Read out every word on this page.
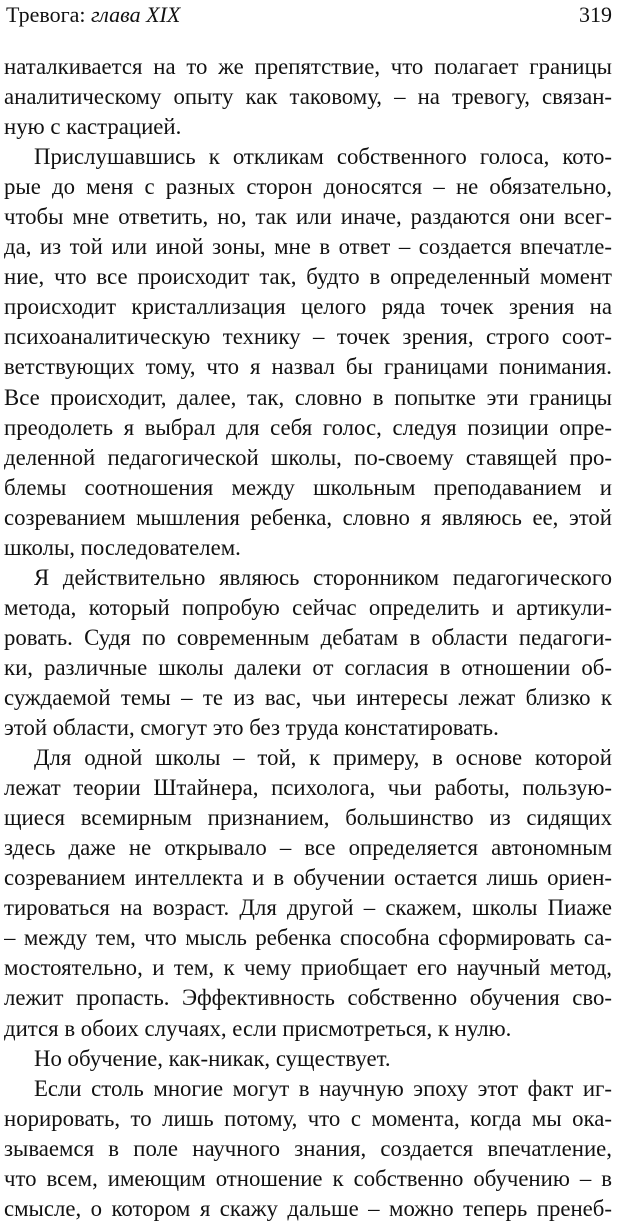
Тревога: глава XIX	319
наталкивается на то же препятствие, что полагает границы
аналитическому опыту как таковому, – на тревогу, связан-
ную с кастрацией.
Прислушавшись к откликам собственного голоса, кото-
рые до меня с разных сторон доносятся – не обязательно,
чтобы мне ответить, но, так или иначе, раздаются они всег-
да, из той или иной зоны, мне в ответ – создается впечатле-
ние, что все происходит так, будто в определенный момент
происходит кристаллизация целого ряда точек зрения на
психоаналитическую технику – точек зрения, строго соот-
ветствующих тому, что я назвал бы границами понимания.
Все происходит, далее, так, словно в попытке эти границы
преодолеть я выбрал для себя голос, следуя позиции опре-
деленной педагогической школы, по-своему ставящей про-
блемы соотношения между школьным преподаванием и
созреванием мышления ребенка, словно я являюсь ее, этой
школы, последователем.
Я действительно являюсь сторонником педагогического
метода, который попробую сейчас определить и артикули-
ровать. Судя по современным дебатам в области педагоги-
ки, различные школы далеки от согласия в отношении об-
суждаемой темы – те из вас, чьи интересы лежат близко к
этой области, смогут это без труда констатировать.
Для одной школы – той, к примеру, в основе которой
лежат теории Штайнера, психолога, чьи работы, пользую-
щиеся всемирным признанием, большинство из сидящих
здесь даже не открывало – все определяется автономным
созреванием интеллекта и в обучении остается лишь ориен-
тироваться на возраст. Для другой – скажем, школы Пиаже
– между тем, что мысль ребенка способна сформировать са-
мостоятельно, и тем, к чему приобщает его научный метод,
лежит пропасть. Эффективность собственно обучения сво-
дится в обоих случаях, если присмотреться, к нулю.
Но обучение, как-никак, существует.
Если столь многие могут в научную эпоху этот факт иг-
норировать, то лишь потому, что с момента, когда мы ока-
зываемся в поле научного знания, создается впечатление,
что всем, имеющим отношение к собственно обучению – в
смысле, о котором я скажу дальше – можно теперь пренеб-
